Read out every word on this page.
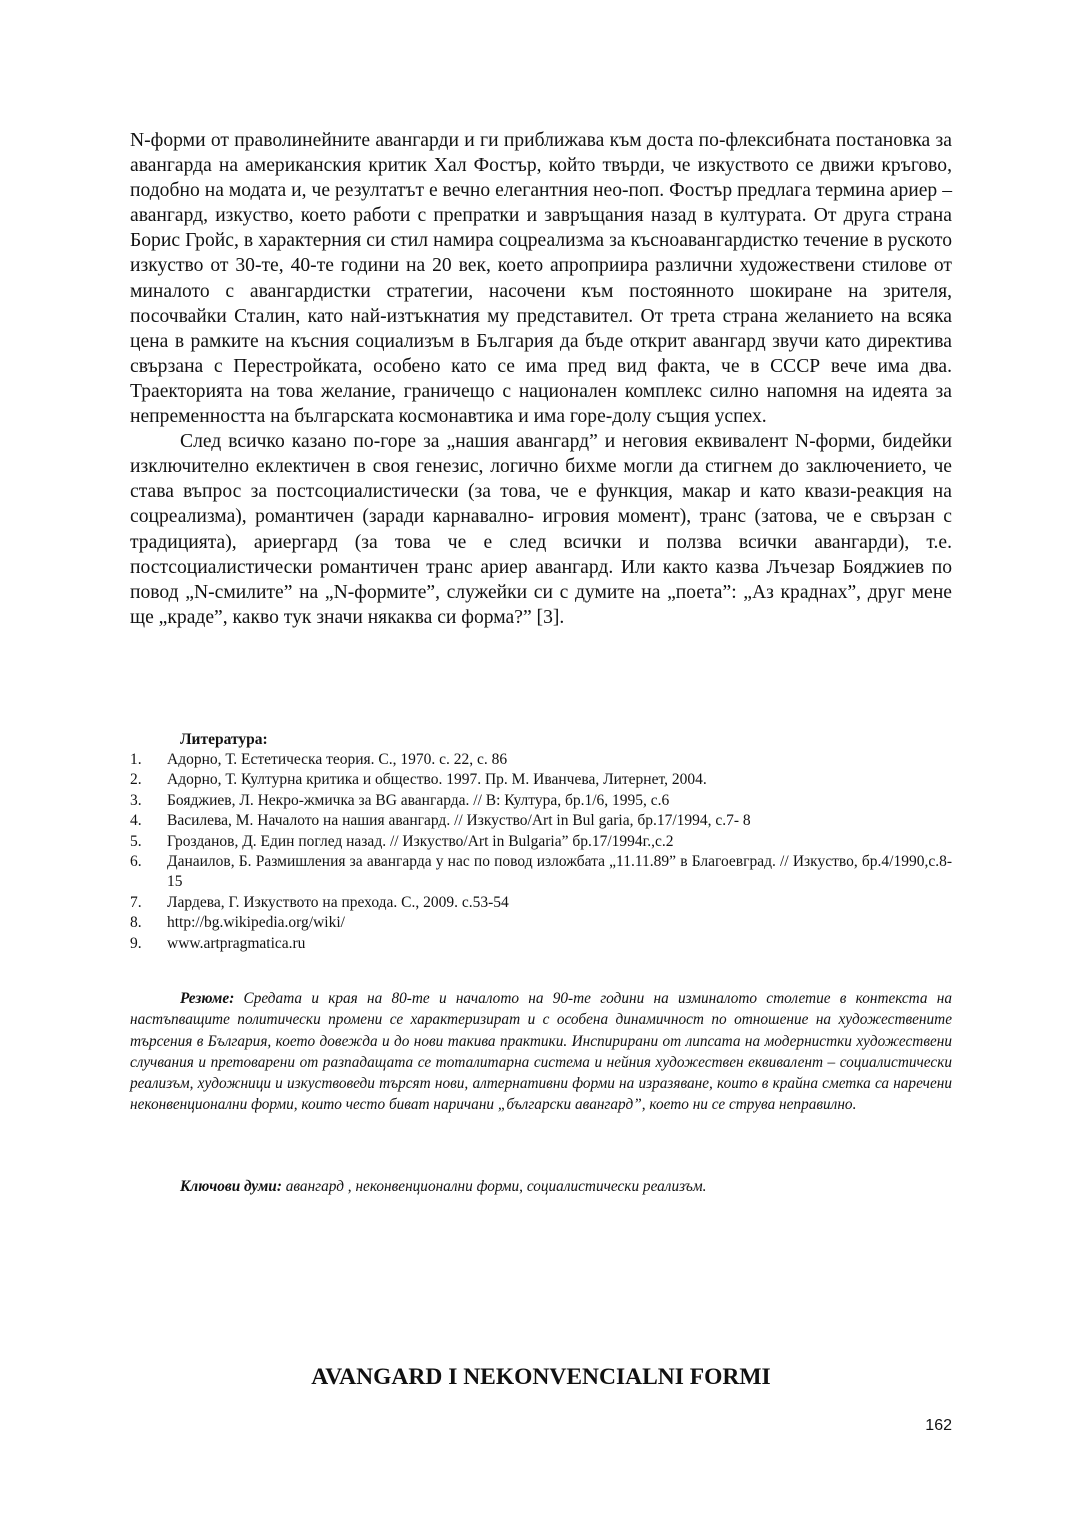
N-форми от праволинейните авангарди и ги приближава към доста по-флексибната постановка за авангарда на американския критик Хал Фостър, който твърди, че изкуството се движи кръгово, подобно на модата и, че резултатът е вечно елегантния нео-поп. Фостър предлага термина ариер – авангард, изкуство, което работи с препратки и завръщания назад в културата. От друга страна Борис Гройс, в характерния си стил намира соцреализма за късноавангардистко течение в руското изкуство от 30-те, 40-те години на 20 век, което апроприира различни художествени стилове от миналото с авангардистки стратегии, насочени към постоянното шокиране на зрителя, посочвайки Сталин, като най-изтъкнатия му представител. От трета страна желанието на всяка цена в рамките на късния социализъм в България да бъде открит авангард звучи като директива свързана с Перестройката, особено като се има пред вид факта, че в СССР вече има два. Траекторията на това желание, граничещо с национален комплекс силно напомня на идеята за непременността на българската космонавтика и има горе-долу същия успех.

След всичко казано по-горе за „нашия авангард” и неговия еквивалент N-форми, бидейки изключително еклектичен в своя генезис, логично бихме могли да стигнем до заключението, че става въпрос за постсоциалистически (за това, че е функция, макар и като квази-реакция на соцреализма), романтичен (заради карнавално- игровия момент), транс (затова, че е свързан с традицията), ариергард (за това че е след всички и ползва всички авангарди), т.е. постсоциалистически романтичен транс ариер авангард. Или както казва Лъчезар Бояджиев по повод „N-смилите” на „N-формите”, служейки си с думите на „поета”: „Аз краднах”, друг мене ще „краде”, какво тук значи някаква си форма?” [3].

Литература:
1.	Адорно, Т. Естетическа теория. С., 1970. с. 22, с. 86
2.	Адорно, Т. Културна критика и общество. 1997. Пр. М. Иванчева, Литернет, 2004.
3.	Бояджиев, Л. Некро-жмичка за BG авангарда. // В: Култура, бр.1/6, 1995, с.6
4.	Василева, М. Началото на нашия авангард. // Изкуство/Art in Bul garia, бр.17/1994, с.7- 8
5.	Грозданов, Д. Един поглед назад. // Изкуство/Art in Bulgaria” бр.17/1994г.,с.2
6.	Данаилов, Б. Размишления за авангарда у нас по повод изложбата „11.11.89” в Благоевград. // Изкуство, бр.4/1990,с.8-15
7.	Лардева, Г. Изкуството на прехода. С., 2009. с.53-54
8.	http://bg.wikipedia.org/wiki/
9.	www.artpragmatica.ru

Резюме: Средата и края на 80-те и началото на 90-те години на изминалото столетие в контекста на настъпващите политически промени се характеризират и с особена динамичност по отношение на художествените търсения в България, което довежда и до нови такива практики. Инспирирани от липсата на модернистки художествени случвания и претоварени от разпадащата се тоталитарна система и нейния художествен еквивалент – социалистически реализъм, художници и изкуствоведи търсят нови, алтернативни форми на изразяване, които в крайна сметка са наречени неконвенционални форми, които често биват наричани „български авангард”, което ни се струва неправилно.

Ключови думи: авангард , неконвенционални форми, социалистически реализъм.

AVANGARD I NEKONVENCIALNI FORMI
162
